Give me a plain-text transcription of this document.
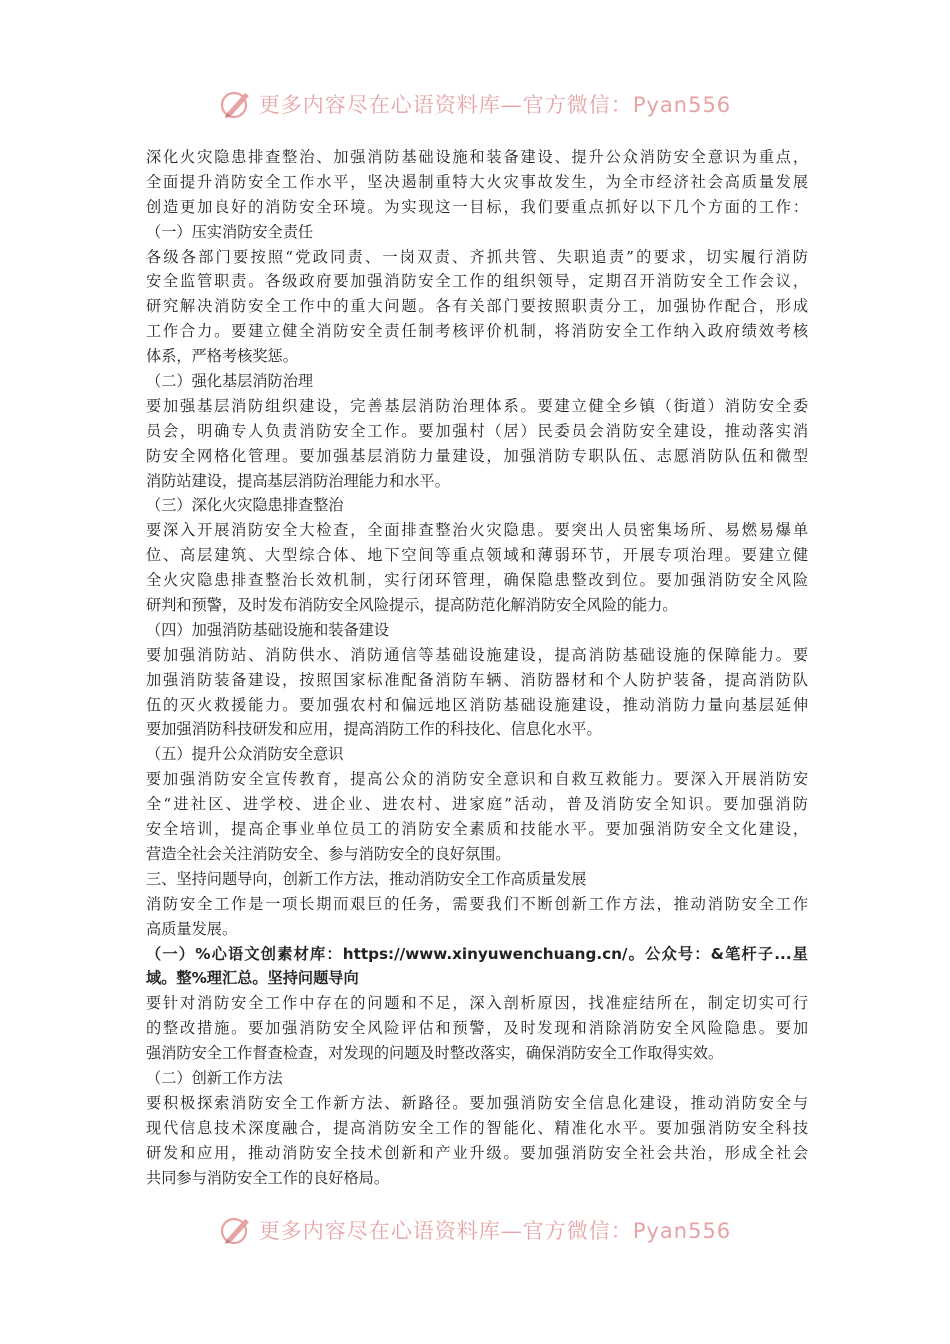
更多内容尽在心语资料库—官方微信：Pyan556
深化火灾隐患排查整治、加强消防基础设施和装备建设、提升公众消防安全意识为重点，
全面提升消防安全工作水平，坚决遏制重特大火灾事故发生，为全市经济社会高质量发展
创造更加良好的消防安全环境。为实现这一目标，我们要重点抓好以下几个方面的工作：
（一）压实消防安全责任
各级各部门要按照“党政同责、一岗双责、齐抓共管、失职追责”的要求，切实履行消防
安全监管职责。各级政府要加强消防安全工作的组织领导，定期召开消防安全工作会议，
研究解决消防安全工作中的重大问题。各有关部门要按照职责分工，加强协作配合，形成
工作合力。要建立健全消防安全责任制考核评价机制，将消防安全工作纳入政府绩效考核
体系，严格考核奖惩。
（二）强化基层消防治理
要加强基层消防组织建设，完善基层消防治理体系。要建立健全乡镇（街道）消防安全委
员会，明确专人负责消防安全工作。要加强村（居）民委员会消防安全建设，推动落实消
防安全网格化管理。要加强基层消防力量建设，加强消防专职队伍、志愿消防队伍和微型
消防站建设，提高基层消防治理能力和水平。
（三）深化火灾隐患排查整治
要深入开展消防安全大检查，全面排查整治火灾隐患。要突出人员密集场所、易燃易爆单
位、高层建筑、大型综合体、地下空间等重点领域和薄弱环节，开展专项治理。要建立健
全火灾隐患排查整治长效机制，实行闭环管理，确保隐患整改到位。要加强消防安全风险
研判和预警，及时发布消防安全风险提示，提高防范化解消防安全风险的能力。
（四）加强消防基础设施和装备建设
要加强消防站、消防供水、消防通信等基础设施建设，提高消防基础设施的保障能力。要
加强消防装备建设，按照国家标准配备消防车辆、消防器材和个人防护装备，提高消防队
伍的灭火救援能力。要加强农村和偏远地区消防基础设施建设，推动消防力量向基层延伸
要加强消防科技研发和应用，提高消防工作的科技化、信息化水平。
（五）提升公众消防安全意识
要加强消防安全宣传教育，提高公众的消防安全意识和自救互救能力。要深入开展消防安
全“进社区、进学校、进企业、进农村、进家庭”活动，普及消防安全知识。要加强消防
安全培训，提高企事业单位员工的消防安全素质和技能水平。要加强消防安全文化建设，
营造全社会关注消防安全、参与消防安全的良好氛围。
三、坚持问题导向，创新工作方法，推动消防安全工作高质量发展
消防安全工作是一项长期而艰巨的任务，需要我们不断创新工作方法，推动消防安全工作
高质量发展。
（一）%心语文创素材库：https://www.xinyuwenchuang.cn/。公众号：&笔杆子...星
域。整%理汇总。坚持问题导向
要针对消防安全工作中存在的问题和不足，深入剖析原因，找准症结所在，制定切实可行
的整改措施。要加强消防安全风险评估和预警，及时发现和消除消防安全风险隐患。要加
强消防安全工作督查检查，对发现的问题及时整改落实，确保消防安全工作取得实效。
（二）创新工作方法
要积极探索消防安全工作新方法、新路径。要加强消防安全信息化建设，推动消防安全与
现代信息技术深度融合，提高消防安全工作的智能化、精准化水平。要加强消防安全科技
研发和应用，推动消防安全技术创新和产业升级。要加强消防安全社会共治，形成全社会
共同参与消防安全工作的良好格局。
更多内容尽在心语资料库—官方微信：Pyan556
